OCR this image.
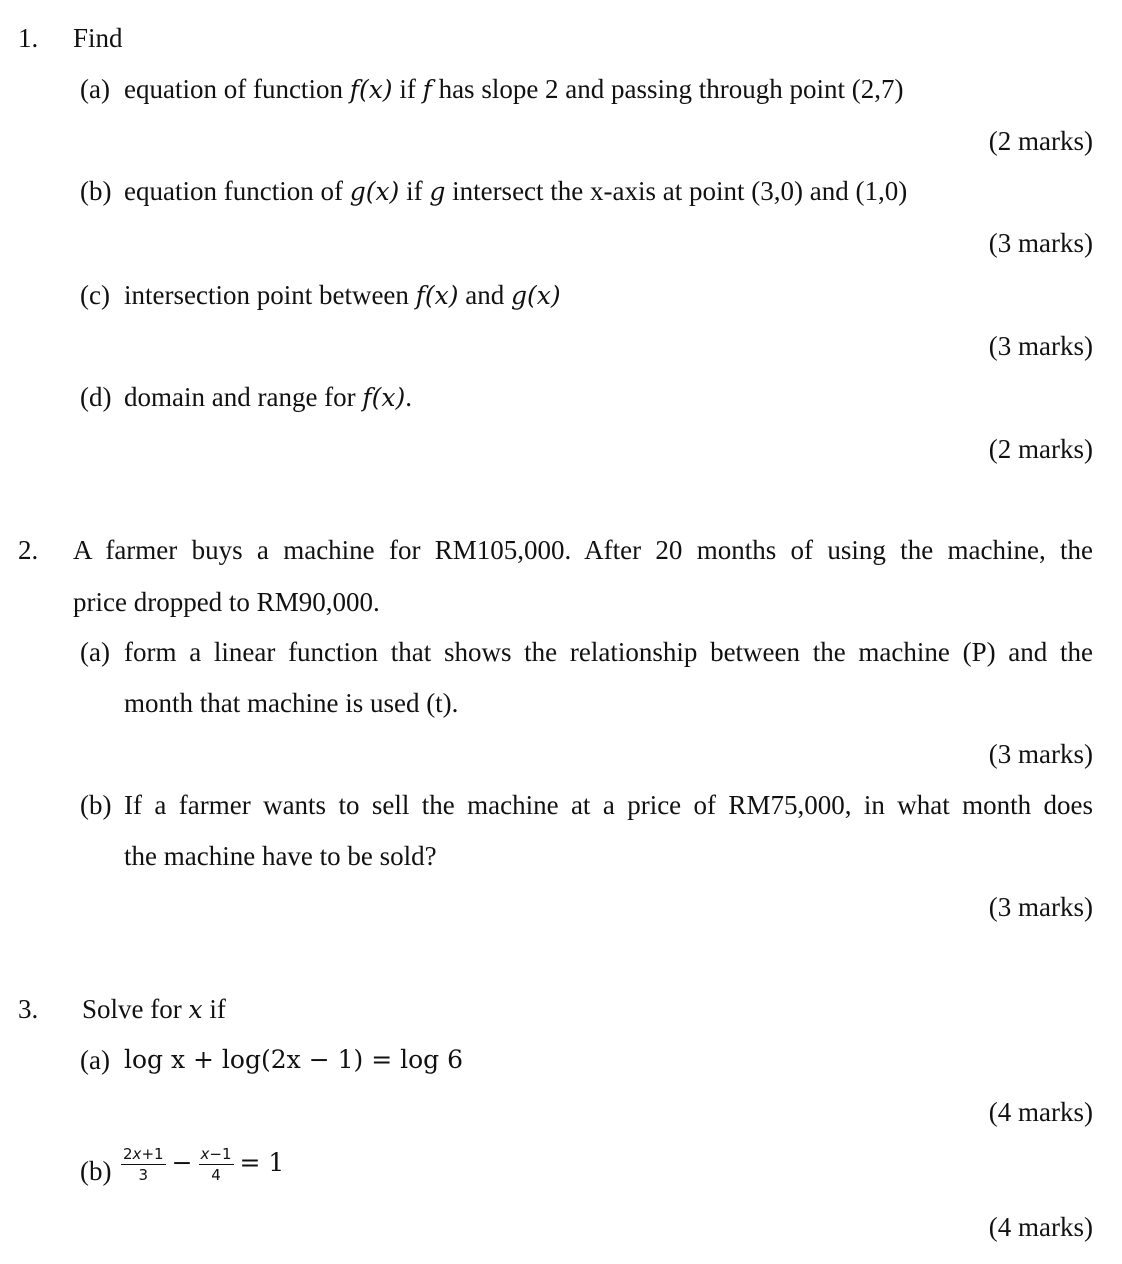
1. Find
(a) equation of function f(x) if f has slope 2 and passing through point (2,7)
(2 marks)
(b) equation function of g(x) if g intersect the x-axis at point (3,0) and (1,0)
(3 marks)
(c) intersection point between f(x) and g(x)
(3 marks)
(d) domain and range for f(x).
(2 marks)
2. A farmer buys a machine for RM105,000. After 20 months of using the machine, the
price dropped to RM90,000.
(a) form a linear function that shows the relationship between the machine (P) and the
month that machine is used (t).
(3 marks)
(b) If a farmer wants to sell the machine at a price of RM75,000, in what month does
the machine have to be sold?
(3 marks)
3. Solve for x if
(a) log x + log(2x − 1) = log 6
(4 marks)
$(b) \frac{2x+1}{3} - \frac{x-1}{4} = 1$
(4 marks)
